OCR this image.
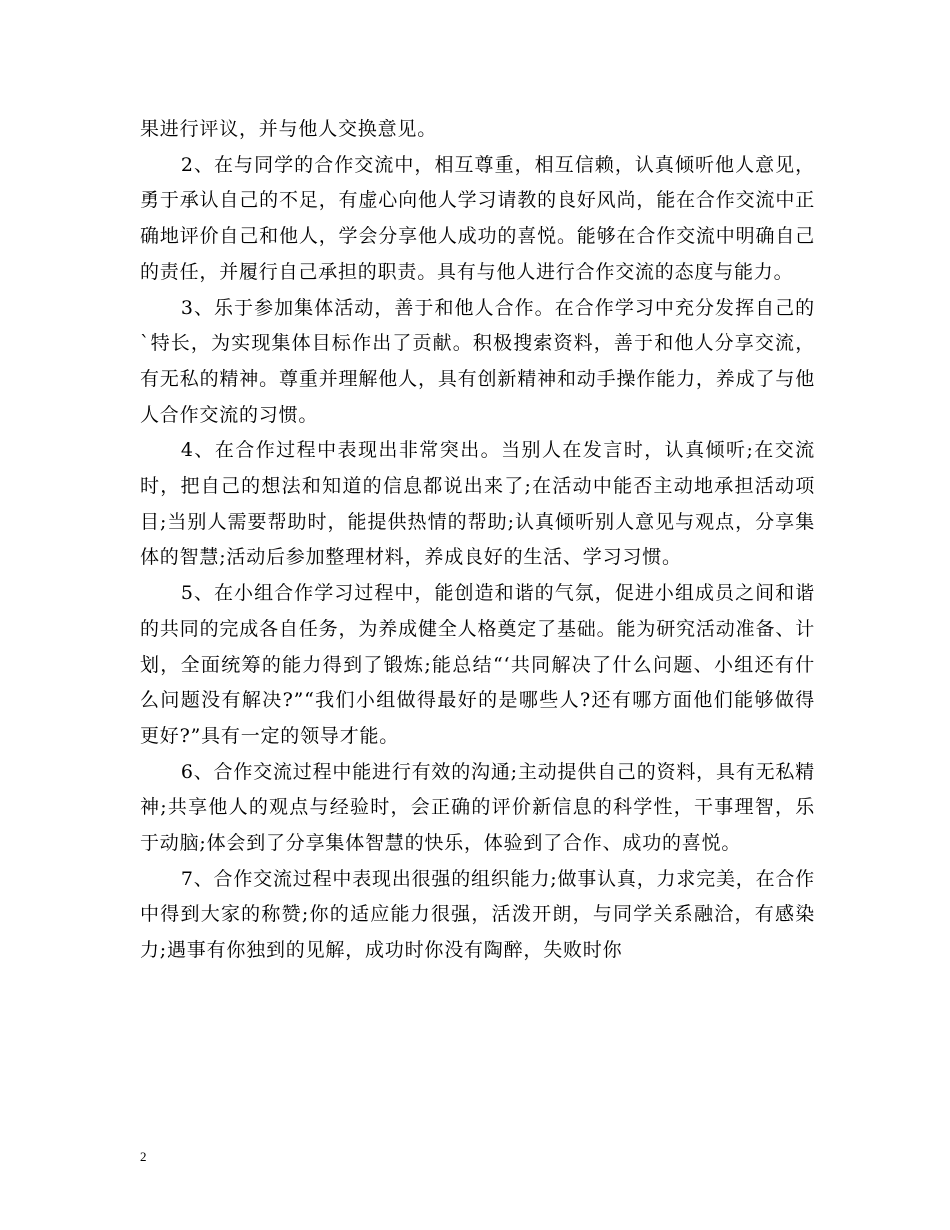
果进行评议，并与他人交换意见。

2、在与同学的合作交流中，相互尊重，相互信赖，认真倾听他人意见，勇于承认自己的不足，有虚心向他人学习请教的良好风尚，能在合作交流中正确地评价自己和他人，学会分享他人成功的喜悦。能够在合作交流中明确自己的责任，并履行自己承担的职责。具有与他人进行合作交流的态度与能力。

3、乐于参加集体活动，善于和他人合作。在合作学习中充分发挥自己的`特长，为实现集体目标作出了贡献。积极搜索资料，善于和他人分享交流，有无私的精神。尊重并理解他人，具有创新精神和动手操作能力，养成了与他人合作交流的习惯。

4、在合作过程中表现出非常突出。当别人在发言时，认真倾听;在交流时，把自己的想法和知道的信息都说出来了;在活动中能否主动地承担活动项目;当别人需要帮助时，能提供热情的帮助;认真倾听别人意见与观点，分享集体的智慧;活动后参加整理材料，养成良好的生活、学习习惯。

5、在小组合作学习过程中，能创造和谐的气氛，促进小组成员之间和谐的共同的完成各自任务，为养成健全人格奠定了基础。能为研究活动准备、计划，全面统筹的能力得到了锻炼;能总结“‘共同解决了什么问题、小组还有什么问题没有解决?”“我们小组做得最好的是哪些人?还有哪方面他们能够做得更好?”具有一定的领导才能。

6、合作交流过程中能进行有效的沟通;主动提供自己的资料，具有无私精神;共享他人的观点与经验时，会正确的评价新信息的科学性，干事理智，乐于动脑;体会到了分享集体智慧的快乐，体验到了合作、成功的喜悦。

7、合作交流过程中表现出很强的组织能力;做事认真，力求完美，在合作中得到大家的称赞;你的适应能力很强，活泼开朗，与同学关系融洽，有感染力;遇事有你独到的见解，成功时你没有陶醉，失败时你

2
